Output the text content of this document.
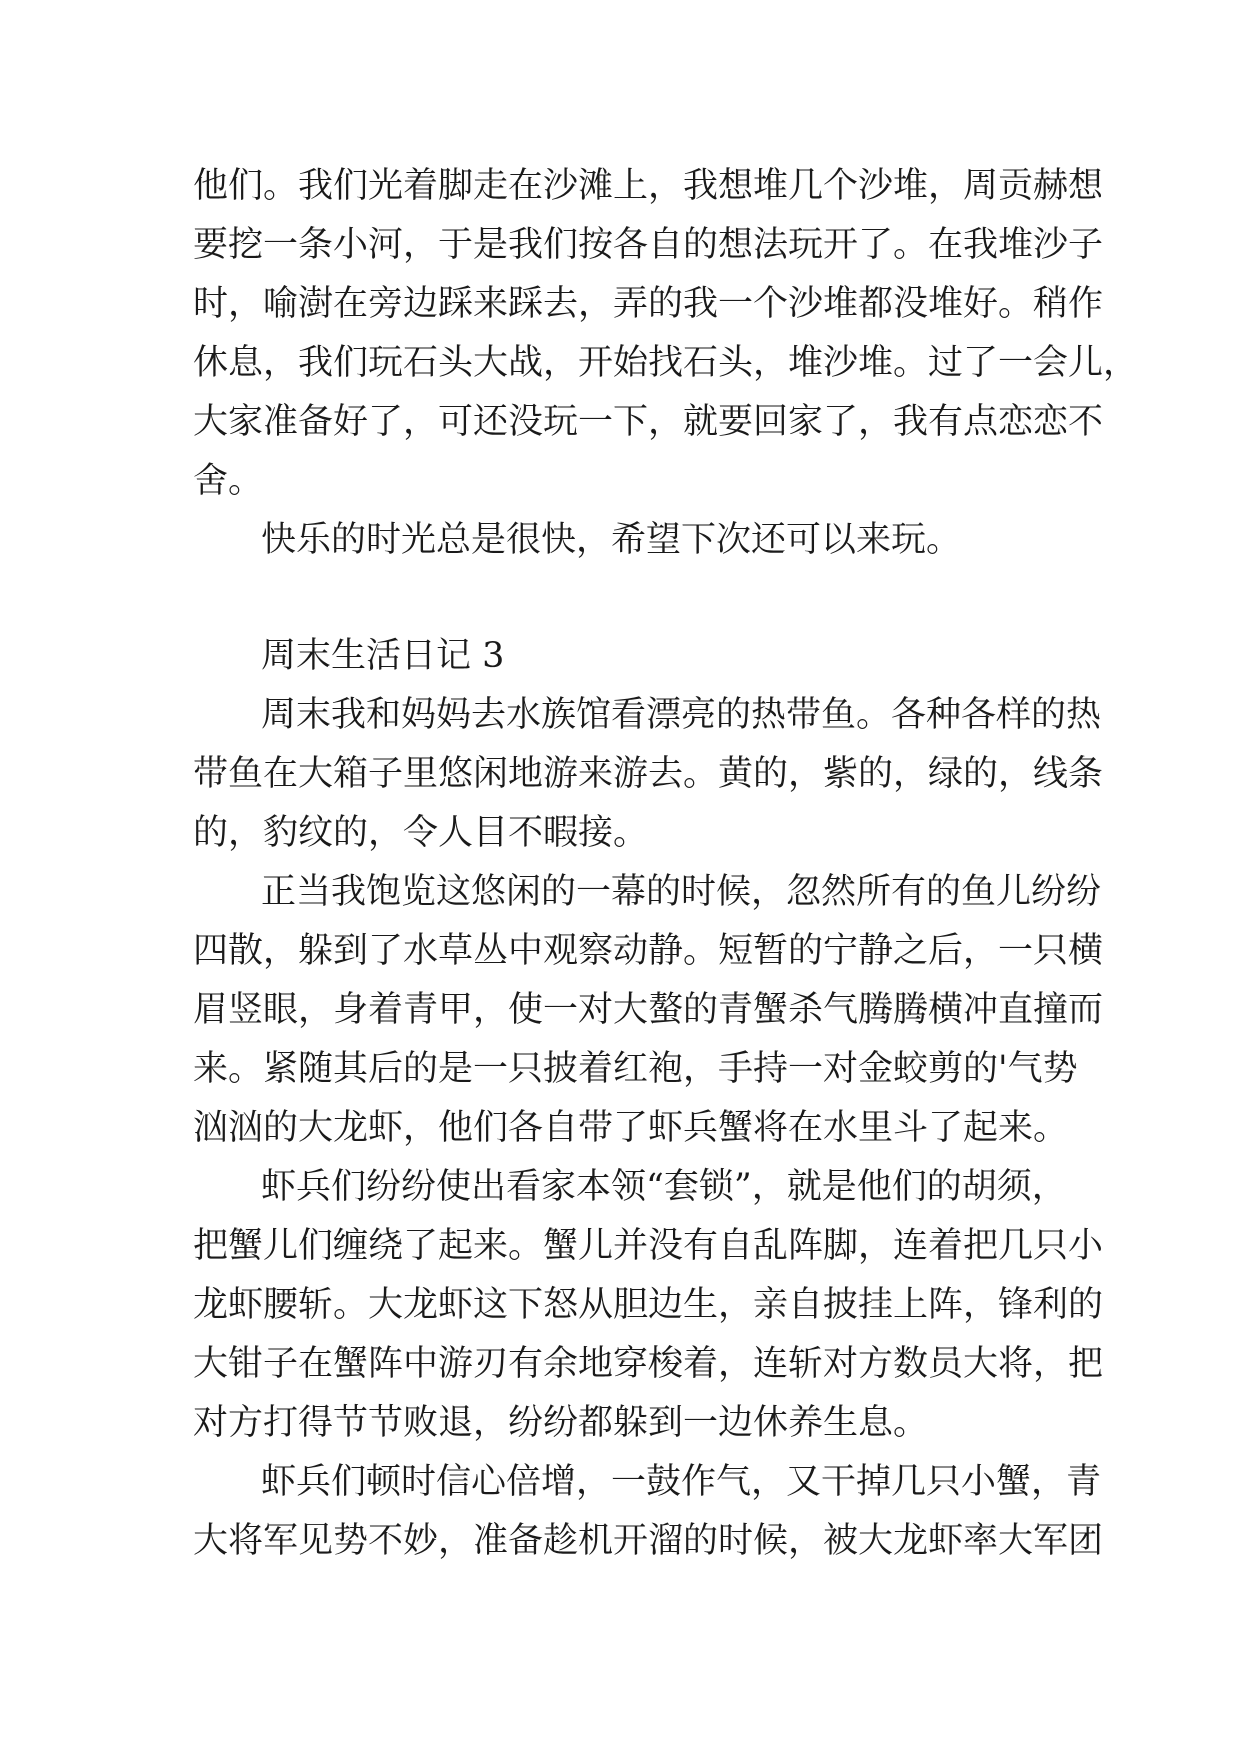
他们。我们光着脚走在沙滩上，我想堆几个沙堆，周贡赫想
要挖一条小河，于是我们按各自的想法玩开了。在我堆沙子
时，喻澍在旁边踩来踩去，弄的我一个沙堆都没堆好。稍作
休息，我们玩石头大战，开始找石头，堆沙堆。过了一会儿，
大家准备好了，可还没玩一下，就要回家了，我有点恋恋不
舍。
快乐的时光总是很快，希望下次还可以来玩。
周末生活日记 3
周末我和妈妈去水族馆看漂亮的热带鱼。各种各样的热
带鱼在大箱子里悠闲地游来游去。黄的，紫的，绿的，线条
的，豹纹的，令人目不暇接。
正当我饱览这悠闲的一幕的时候，忽然所有的鱼儿纷纷
四散，躲到了水草丛中观察动静。短暂的宁静之后，一只横
眉竖眼，身着青甲，使一对大螯的青蟹杀气腾腾横冲直撞而
来。紧随其后的是一只披着红袍，手持一对金蛟剪的'气势
汹汹的大龙虾，他们各自带了虾兵蟹将在水里斗了起来。
虾兵们纷纷使出看家本领“套锁”，就是他们的胡须，
把蟹儿们缠绕了起来。蟹儿并没有自乱阵脚，连着把几只小
龙虾腰斩。大龙虾这下怒从胆边生，亲自披挂上阵，锋利的
大钳子在蟹阵中游刃有余地穿梭着，连斩对方数员大将，把
对方打得节节败退，纷纷都躲到一边休养生息。
虾兵们顿时信心倍增，一鼓作气，又干掉几只小蟹，青
大将军见势不妙，准备趁机开溜的时候，被大龙虾率大军团
